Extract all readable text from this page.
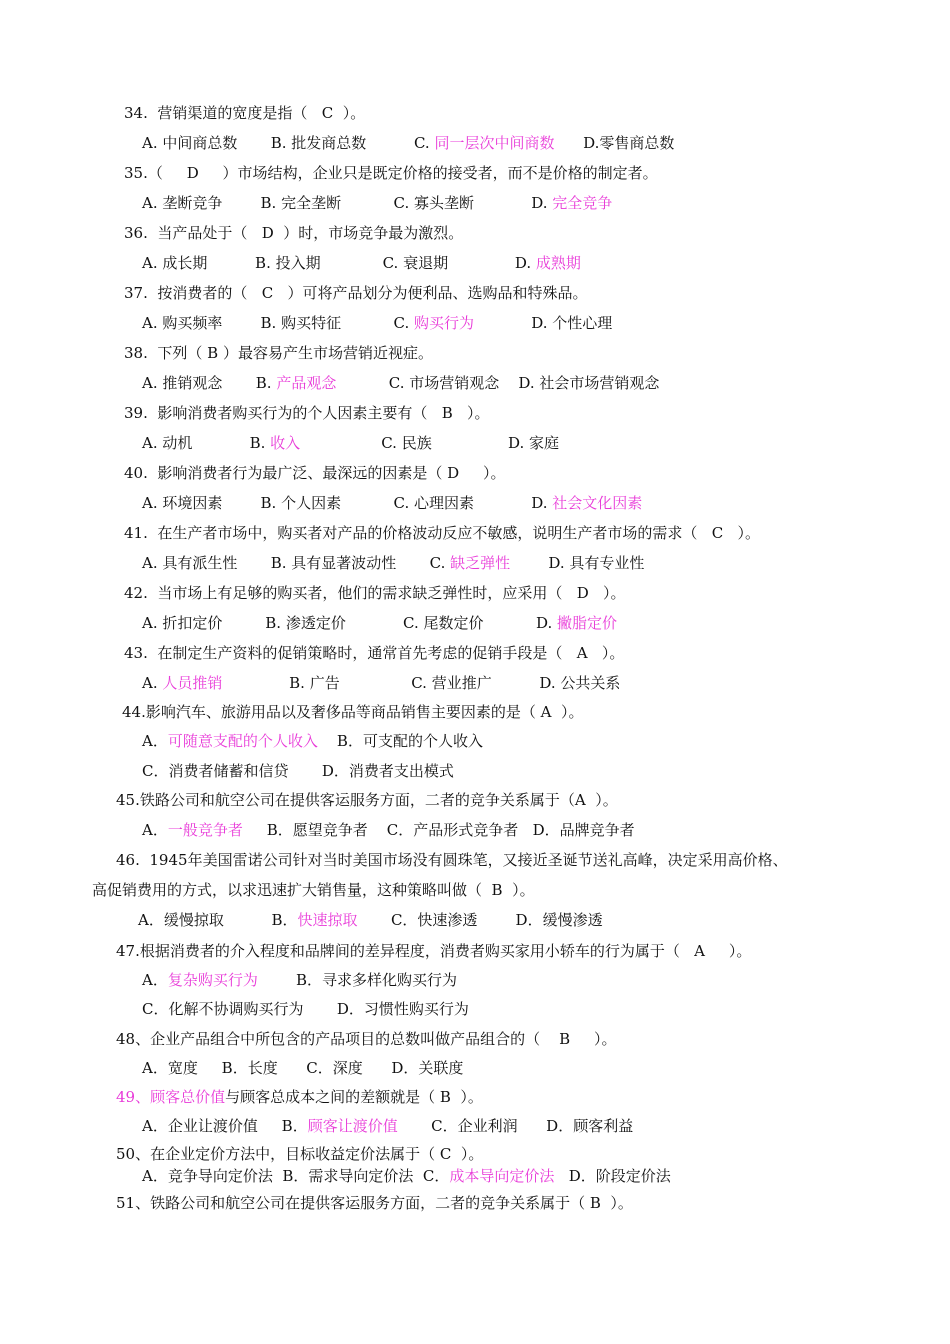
34.  营销渠道的宽度是指（   C  ）。
A. 中间商总数       B. 批发商总数          C. 同一层次中间商数      D.零售商总数
35.（     D     ）市场结构，企业只是既定价格的接受者，而不是价格的制定者。
A. 垄断竞争        B. 完全垄断           C. 寡头垄断            D. 完全竞争
36.  当产品处于（   D  ）时，市场竞争最为激烈。
A. 成长期          B. 投入期             C. 衰退期              D. 成熟期
37.  按消费者的（   C   ）可将产品划分为便利品、选购品和特殊品。
A. 购买频率        B. 购买特征           C. 购买行为            D. 个性心理
38.  下列（ B ）最容易产生市场营销近视症。
A. 推销观念       B. 产品观念           C. 市场营销观念    D. 社会市场营销观念
39.  影响消费者购买行为的个人因素主要有（   B   ）。
A. 动机            B. 收入                 C. 民族                D. 家庭
40.  影响消费者行为最广泛、最深远的因素是（ D     ）。
A. 环境因素        B. 个人因素           C. 心理因素            D. 社会文化因素
41.  在生产者市场中，购买者对产品的价格波动反应不敏感，说明生产者市场的需求（   C   ）。
A. 具有派生性       B. 具有显著波动性       C. 缺乏弹性        D. 具有专业性
42.  当市场上有足够的购买者，他们的需求缺乏弹性时，应采用（   D   ）。
A. 折扣定价         B. 渗透定价            C. 尾数定价           D. 撇脂定价
43.  在制定生产资料的促销策略时，通常首先考虑的促销手段是（   A   ）。
A. 人员推销              B. 广告               C. 营业推广          D. 公共关系
44.影响汽车、旅游用品以及奢侈品等商品销售主要因素的是（ A  ）。
A．可随意支配的个人收入    B．可支配的个人收入
C．消费者储蓄和信贷       D．消费者支出模式
45.铁路公司和航空公司在提供客运服务方面，二者的竞争关系属于（A  ）。
A．一般竞争者     B．愿望竞争者    C．产品形式竞争者   D．品牌竞争者
46.  1945年美国雷诺公司针对当时美国市场没有圆珠笔，又接近圣诞节送礼高峰，决定采用高价格、
高促销费用的方式，以求迅速扩大销售量，这种策略叫做（  B  ）。
A．缓慢掠取          B．快速掠取       C．快速渗透        D．缓慢渗透
47.根据消费者的介入程度和品牌间的差异程度，消费者购买家用小轿车的行为属于（   A     ）。
A．复杂购买行为        B．寻求多样化购买行为
C．化解不协调购买行为       D．习惯性购买行为
48、企业产品组合中所包含的产品项目的总数叫做产品组合的（    B     ）。
A．宽度     B．长度      C．深度      D．关联度
49、顾客总价值与顾客总成本之间的差额就是（ B  ）。
A．企业让渡价值     B．顾客让渡价值       C．企业利润      D．顾客利益
50、在企业定价方法中，目标收益定价法属于（ C  ）。
A．竞争导向定价法  B．需求导向定价法  C．成本导向定价法   D．阶段定价法
51、铁路公司和航空公司在提供客运服务方面，二者的竞争关系属于（ B  ）。
